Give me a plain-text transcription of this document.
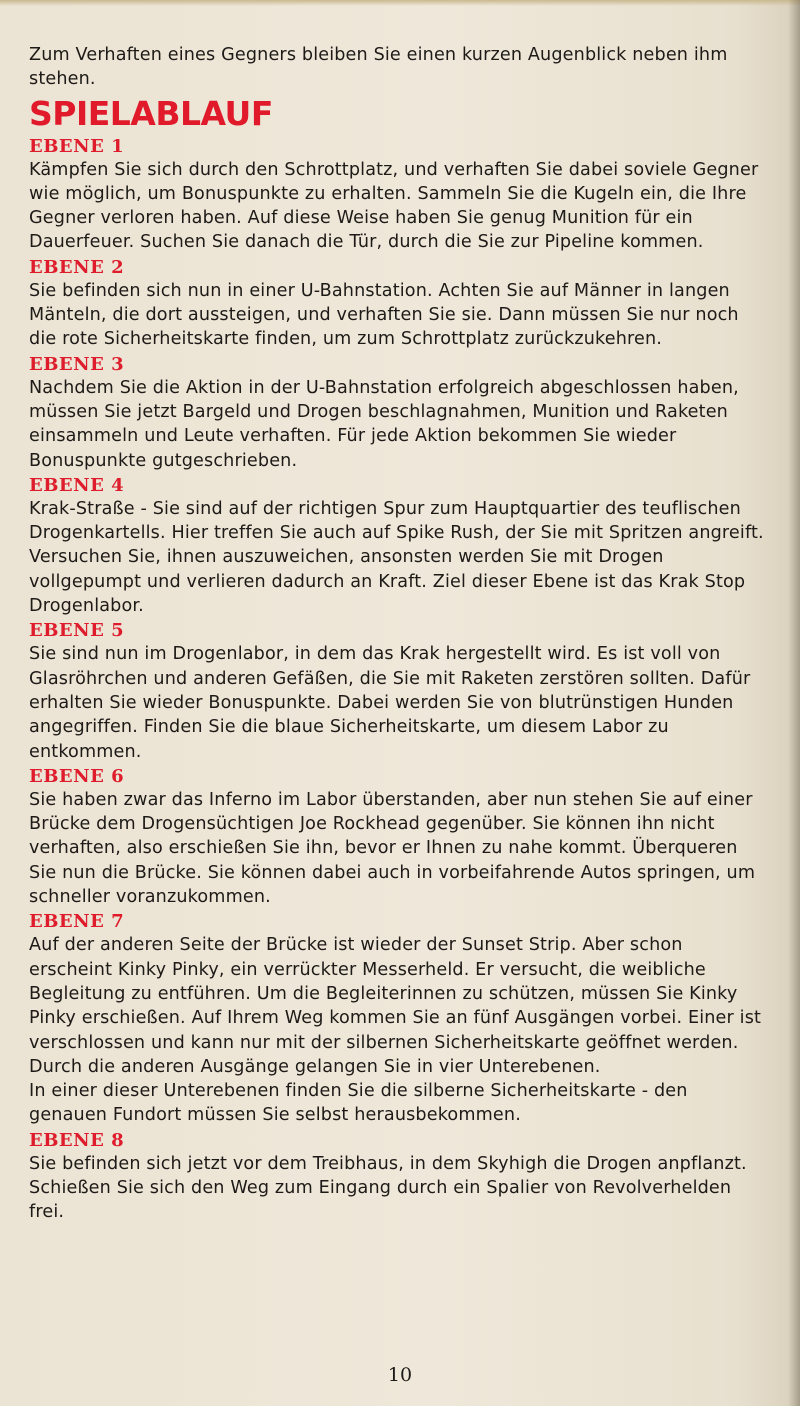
Zum Verhaften eines Gegners bleiben Sie einen kurzen Augenblick neben ihm stehen.

SPIELABLAUF
EBENE 1

Kämpfen Sie sich durch den Schrottplatz, und verhaften Sie dabei soviele Gegner wie möglich, um Bonuspunkte zu erhalten. Sammeln Sie die Kugeln ein, die Ihre Gegner verloren haben. Auf diese Weise haben Sie genug Munition für ein Dauerfeuer. Suchen Sie danach die Tür, durch die Sie zur Pipeline kommen.

EBENE 2

Sie befinden sich nun in einer U-Bahnstation. Achten Sie auf Männer in langen Mänteln, die dort aussteigen, und verhaften Sie sie. Dann müssen Sie nur noch die rote Sicherheitskarte finden, um zum Schrottplatz zurückzukehren.

EBENE 3

Nachdem Sie die Aktion in der U-Bahnstation erfolgreich abgeschlossen haben, müssen Sie jetzt Bargeld und Drogen beschlagnahmen, Munition und Raketen einsammeln und Leute verhaften. Für jede Aktion bekommen Sie wieder Bonuspunkte gutgeschrieben.

EBENE 4

Krak-Straße - Sie sind auf der richtigen Spur zum Hauptquartier des teuflischen Drogenkartells. Hier treffen Sie auch auf Spike Rush, der Sie mit Spritzen angreift. Versuchen Sie, ihnen auszuweichen, ansonsten werden Sie mit Drogen vollgepumpt und verlieren dadurch an Kraft. Ziel dieser Ebene ist das Krak Stop Drogenlabor.

EBENE 5

Sie sind nun im Drogenlabor, in dem das Krak hergestellt wird. Es ist voll von Glasröhrchen und anderen Gefäßen, die Sie mit Raketen zerstören sollten. Dafür erhalten Sie wieder Bonuspunkte. Dabei werden Sie von blutrünstigen Hunden angegriffen. Finden Sie die blaue Sicherheitskarte, um diesem Labor zu entkommen.

EBENE 6

Sie haben zwar das Inferno im Labor überstanden, aber nun stehen Sie auf einer Brücke dem Drogensüchtigen Joe Rockhead gegenüber. Sie können ihn nicht verhaften, also erschießen Sie ihn, bevor er Ihnen zu nahe kommt. Überqueren Sie nun die Brücke. Sie können dabei auch in vorbeifahrende Autos springen, um schneller voranzukommen.

EBENE 7

Auf der anderen Seite der Brücke ist wieder der Sunset Strip. Aber schon erscheint Kinky Pinky, ein verrückter Messerheld. Er versucht, die weibliche Begleitung zu entführen. Um die Begleiterinnen zu schützen, müssen Sie Kinky Pinky erschießen. Auf Ihrem Weg kommen Sie an fünf Ausgängen vorbei. Einer ist verschlossen und kann nur mit der silbernen Sicherheitskarte geöffnet werden. Durch die anderen Ausgänge gelangen Sie in vier Unterebenen.

In einer dieser Unterebenen finden Sie die silberne Sicherheitskarte - den genauen Fundort müssen Sie selbst herausbekommen.

EBENE 8

Sie befinden sich jetzt vor dem Treibhaus, in dem Skyhigh die Drogen anpflanzt. Schießen Sie sich den Weg zum Eingang durch ein Spalier von Revolverhelden frei.

10
